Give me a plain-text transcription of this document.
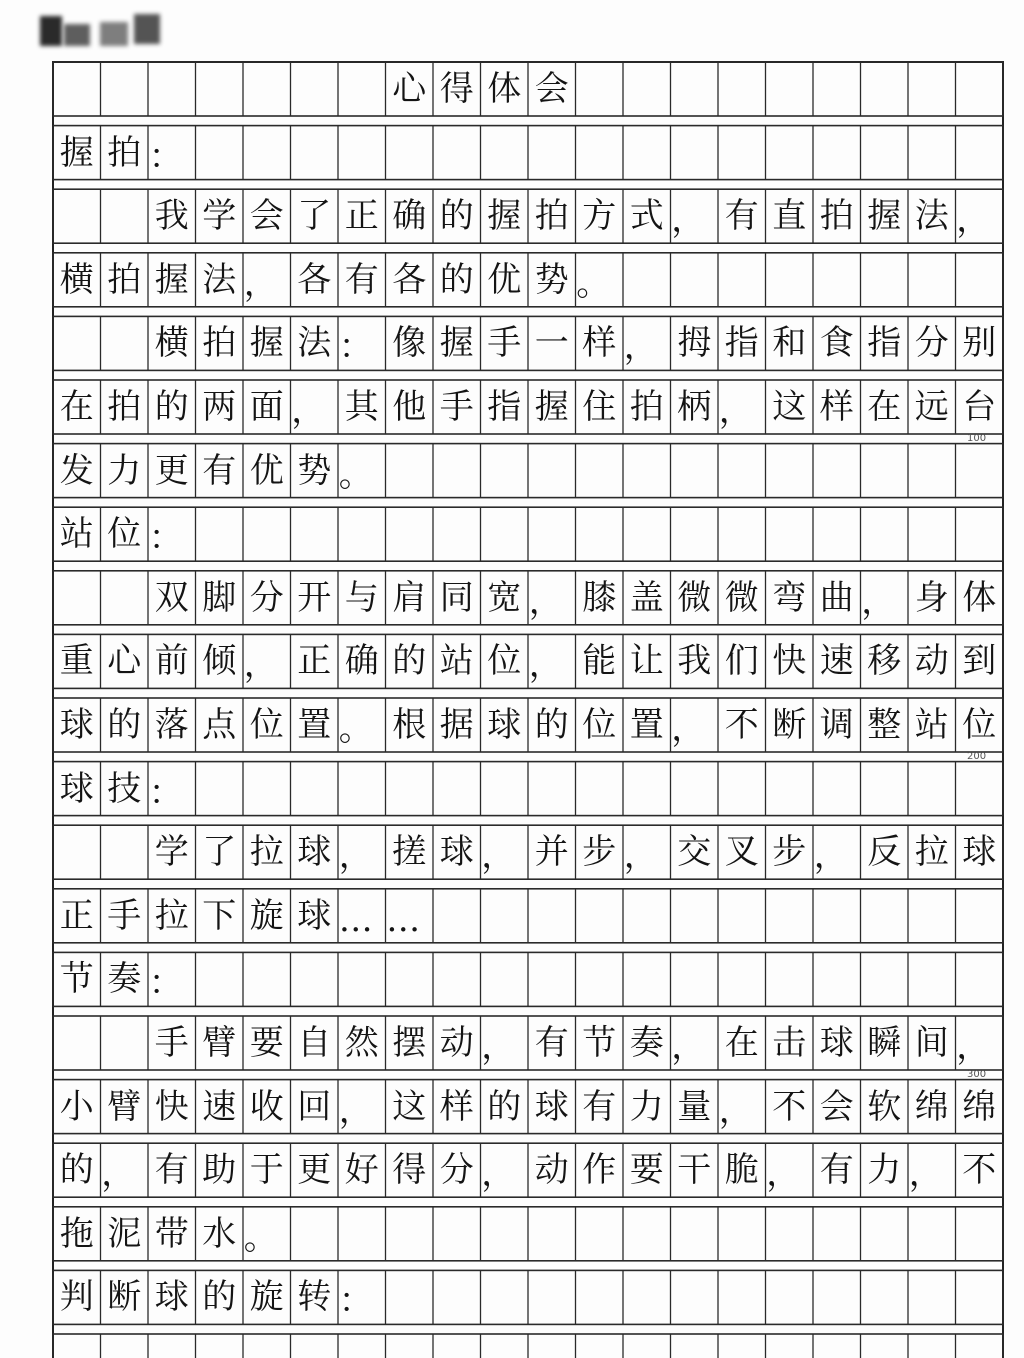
心 得 体 会
握 拍 ：
我 学 会 了 正 确 的 握 拍 方 式 ， 有 直 拍 握 法 ，
横 拍 握 法 ， 各 有 各 的 优 势 。
横 拍 握 法 ： 像 握 手 一 样 ， 拇 指 和 食 指 分 别
在 拍 的 两 面 ， 其 他 手 指 握 住 拍 柄 ， 这 样 在 远 台
发 力 更 有 优 势 。
站 位 ：
双 脚 分 开 与 肩 同 宽 ， 膝 盖 微 微 弯 曲 ， 身 体
重 心 前 倾 ， 正 确 的 站 位 ， 能 让 我 们 快 速 移 动 到
球 的 落 点 位 置 。 根 据 球 的 位 置 ， 不 断 调 整 站 位
球 技 ：
学 了 拉 球 ， 搓 球 ， 并 步 ， 交 叉 步 ， 反 拉 球
正 手 拉 下 旋 球 … …
节 奏 ：
手 臂 要 自 然 摆 动 ， 有 节 奏 ， 在 击 球 瞬 间 ，
小 臂 快 速 收 回 ， 这 样 的 球 有 力 量 ， 不 会 软 绵 绵
的 ， 有 助 于 更 好 得 分 ， 动 作 要 干 脆 ， 有 力 ， 不
拖 泥 带 水 。
判 断 球 的 旋 转 ：
100
200
300
